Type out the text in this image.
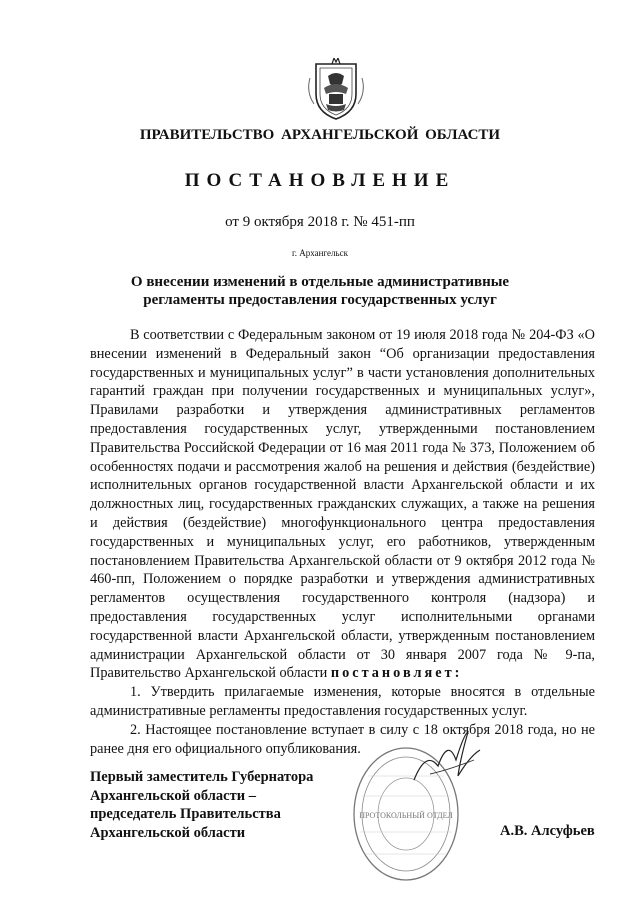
ПРАВИТЕЛЬСТВО АРХАНГЕЛЬСКОЙ ОБЛАСТИ
ПОСТАНОВЛЕНИЕ
от 9 октября 2018 г. № 451-пп
г. Архангельск
О внесении изменений в отдельные административные
регламенты предоставления государственных услуг

В соответствии с Федеральным законом от 19 июля 2018 года № 204-ФЗ «О внесении изменений в Федеральный закон “Об организации предоставления государственных и муниципальных услуг” в части установления дополнительных гарантий граждан при получении государственных и муниципальных услуг», Правилами разработки и утверждения административных регламентов предоставления государственных услуг, утвержденными постановлением Правительства Российской Федерации от 16 мая 2011 года № 373, Положением об особенностях подачи и рассмотрения жалоб на решения и действия (бездействие) исполнительных органов государственной власти Архангельской области и их должностных лиц, государственных гражданских служащих, а также на решения и действия (бездействие) многофункционального центра предоставления государственных и муниципальных услуг, его работников, утвержденным постановлением Правительства Архангельской области от 9 октября 2012 года № 460-пп, Положением о порядке разработки и утверждения административных регламентов осуществления государственного контроля (надзора) и предоставления государственных услуг исполнительными органами государственной власти Архангельской области, утвержденным постановлением администрации Архангельской области от 30 января 2007 года № 9-па, Правительство Архангельской области постановляет:

1. Утвердить прилагаемые изменения, которые вносятся в отдельные административные регламенты предоставления государственных услуг.

2. Настоящее постановление вступает в силу с 18 октября 2018 года, но не ранее дня его официального опубликования.

ПРОТОКОЛЬНЫЙ ОТДЕЛ
Первый заместитель Губернатора
Архангельской области –
председатель Правительства
Архангельской области	А.В. Алсуфьев
